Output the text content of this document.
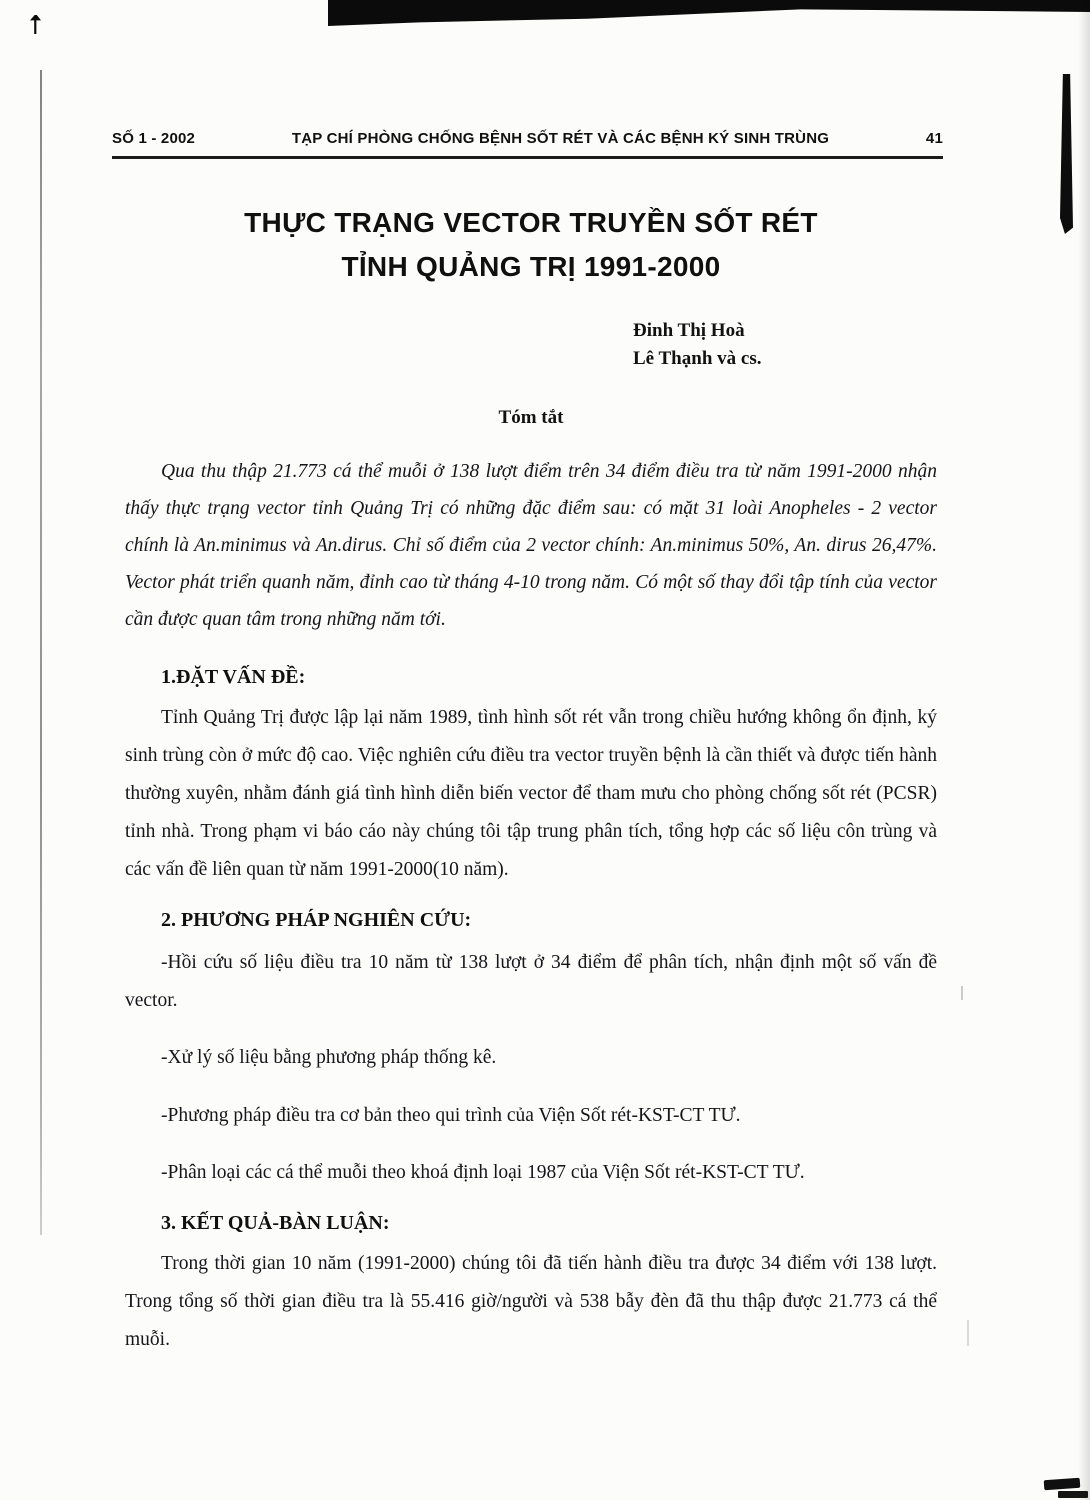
SỐ 1 - 2002	TẠP CHÍ PHÒNG CHỐNG BỆNH SỐT RÉT VÀ CÁC BỆNH KÝ SINH TRÙNG	41
THỰC TRẠNG VECTOR TRUYỀN SỐT RÉT
TỈNH QUẢNG TRỊ 1991-2000
Đinh Thị Hoà
Lê Thạnh và cs.
Tóm tắt

Qua thu thập 21.773 cá thể muỗi ở 138 lượt điểm trên 34 điểm điều tra từ năm 1991-2000 nhận thấy thực trạng vector tỉnh Quảng Trị có những đặc điểm sau: có mặt 31 loài Anopheles - 2 vector chính là An.minimus và An.dirus. Chỉ số điểm của 2 vector chính: An.minimus 50%, An. dirus 26,47%. Vector phát triển quanh năm, đỉnh cao từ tháng 4-10 trong năm. Có một số thay đổi tập tính của vector cần được quan tâm trong những năm tới.

1.ĐẶT VẤN ĐỀ:

Tỉnh Quảng Trị được lập lại năm 1989, tình hình sốt rét vẫn trong chiều hướng không ổn định, ký sinh trùng còn ở mức độ cao. Việc nghiên cứu điều tra vector truyền bệnh là cần thiết và được tiến hành thường xuyên, nhằm đánh giá tình hình diễn biến vector để tham mưu cho phòng chống sốt rét (PCSR) tỉnh nhà. Trong phạm vi báo cáo này chúng tôi tập trung phân tích, tổng hợp các số liệu côn trùng và các vấn đề liên quan từ năm 1991-2000(10 năm).

2. PHƯƠNG PHÁP NGHIÊN CỨU:

-Hồi cứu số liệu điều tra 10 năm từ 138 lượt ở 34 điểm để phân tích, nhận định một số vấn đề vector.

-Xử lý số liệu bằng phương pháp thống kê.

-Phương pháp điều tra cơ bản theo qui trình của Viện Sốt rét-KST-CT TƯ.

-Phân loại các cá thể muỗi theo khoá định loại 1987 của Viện Sốt rét-KST-CT TƯ.

3. KẾT QUẢ-BÀN LUẬN:

Trong thời gian 10 năm (1991-2000) chúng tôi đã tiến hành điều tra được 34 điểm với 138 lượt. Trong tổng số thời gian điều tra là 55.416 giờ/người và 538 bẫy đèn đã thu thập được 21.773 cá thể muỗi.
